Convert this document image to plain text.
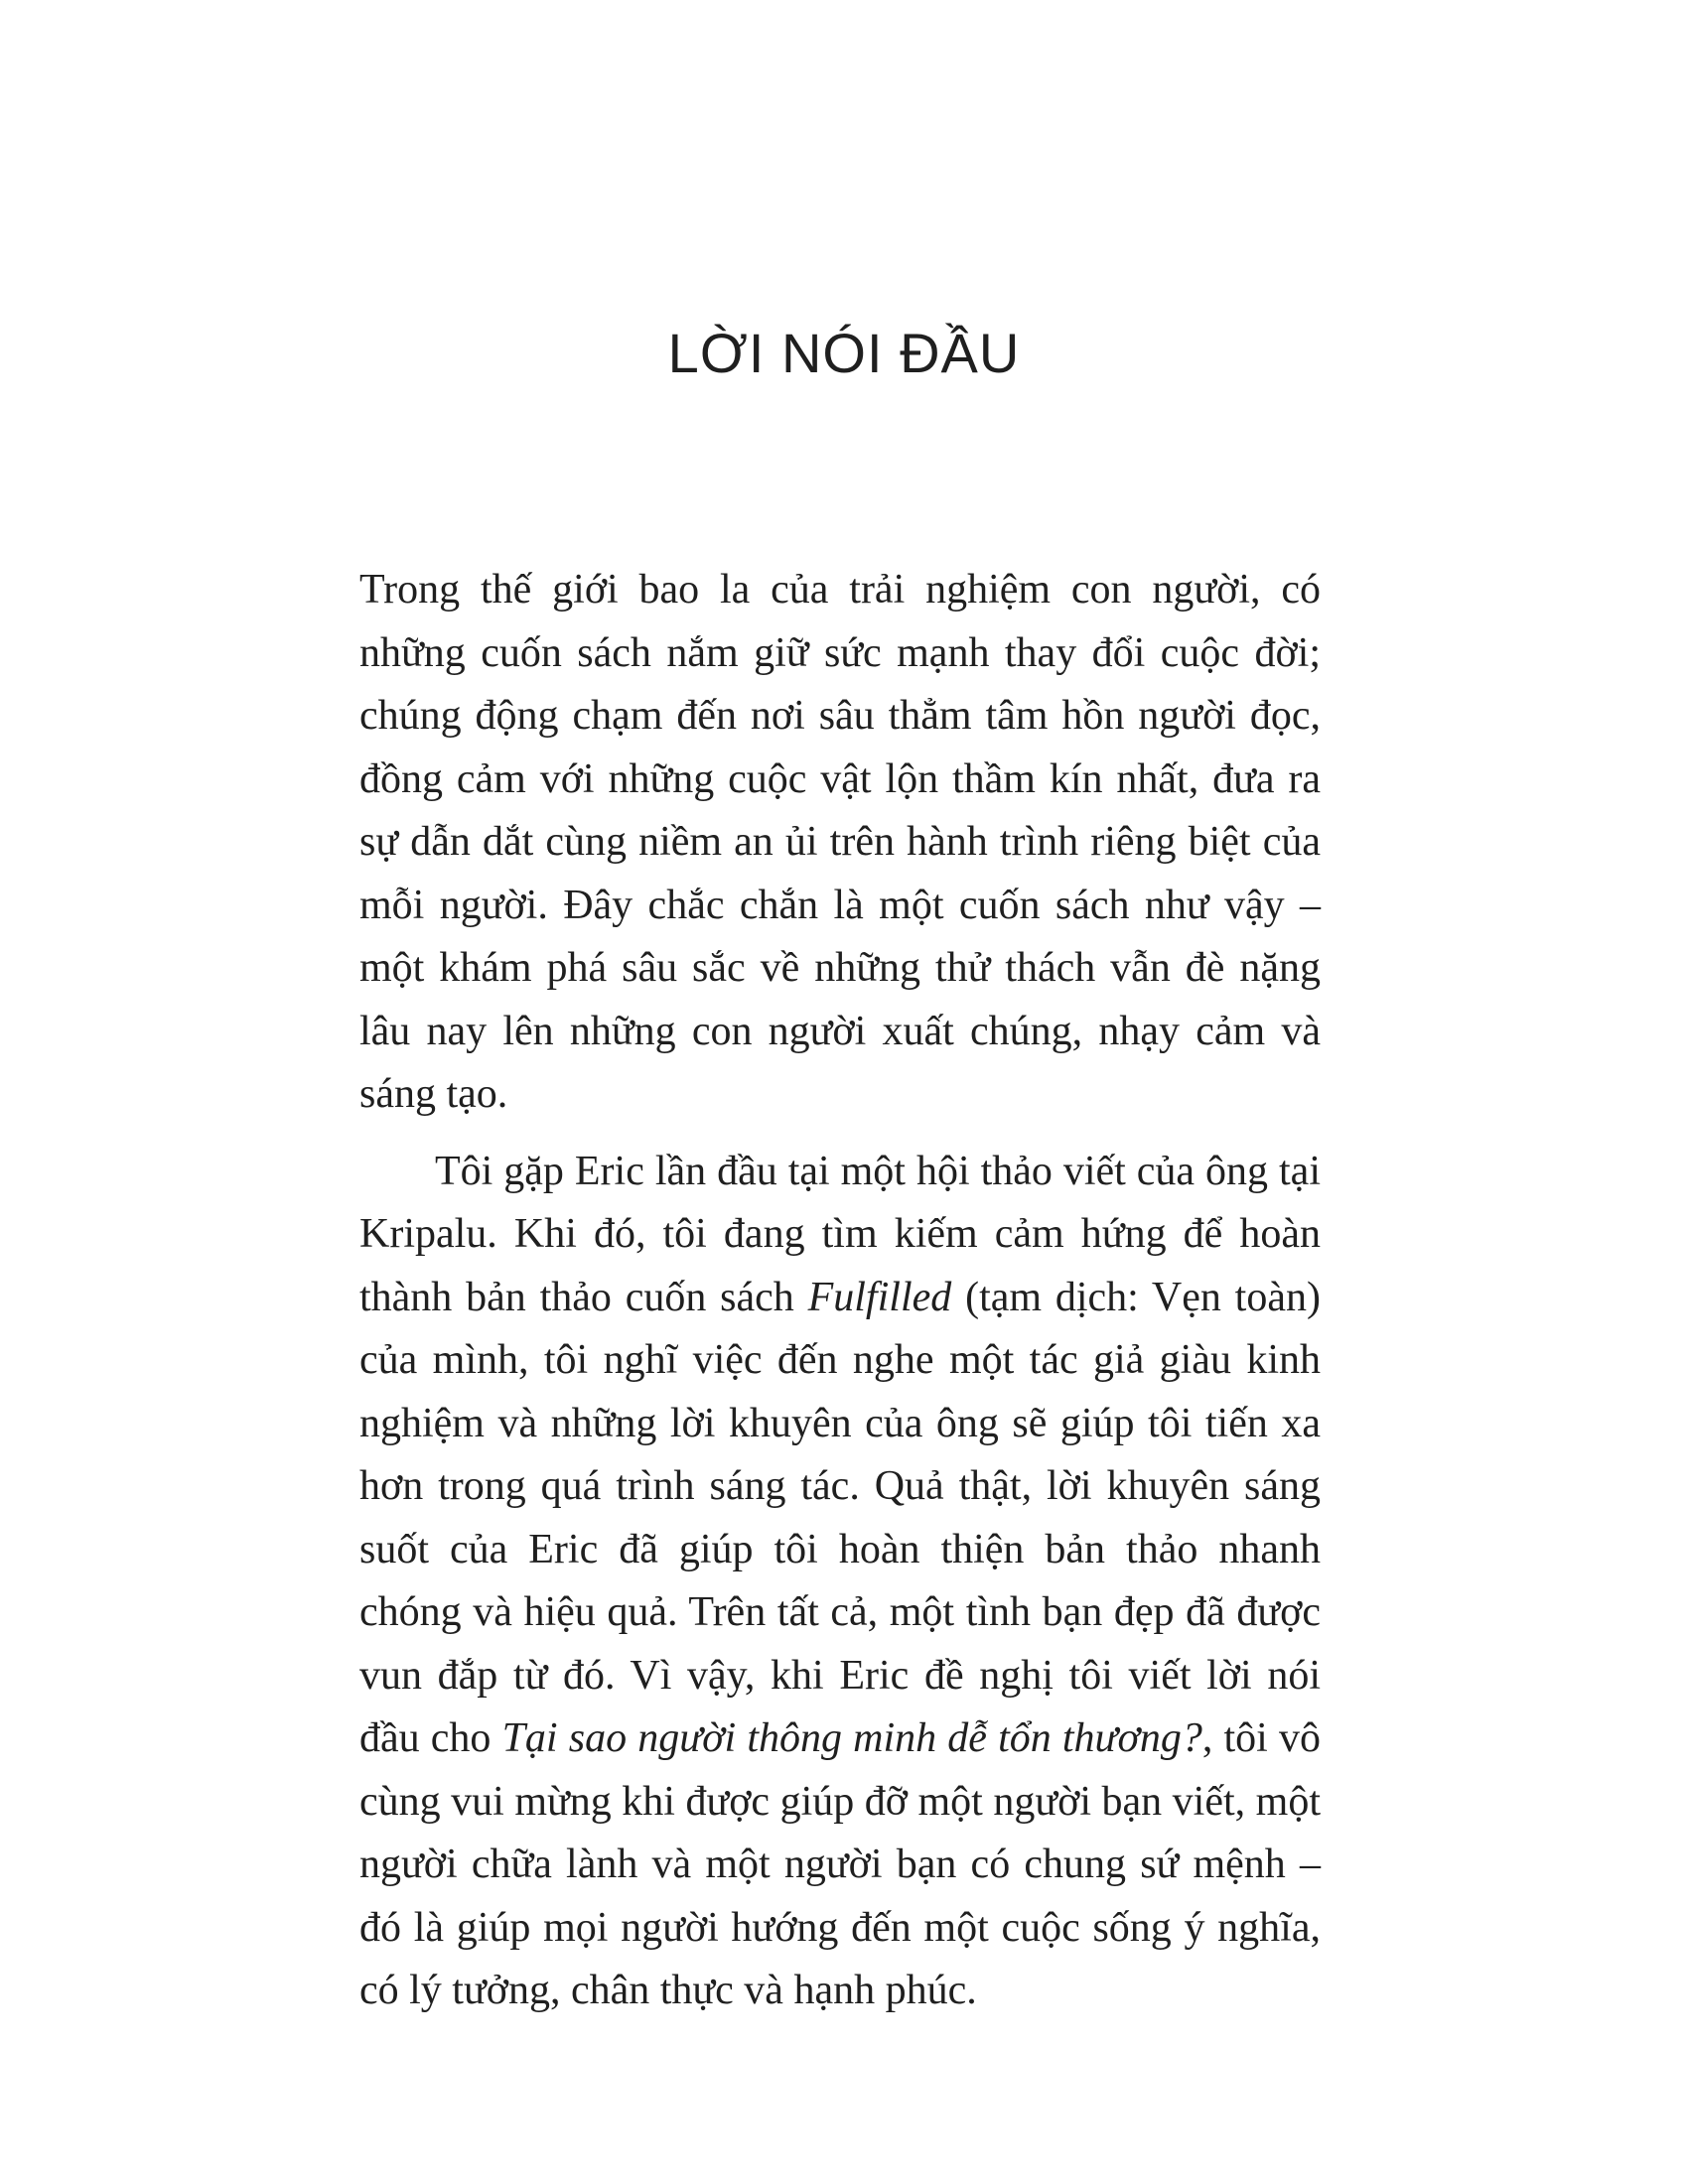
LỜI NÓI ĐẦU

Trong thế giới bao la của trải nghiệm con người, có những cuốn sách nắm giữ sức mạnh thay đổi cuộc đời; chúng động chạm đến nơi sâu thẳm tâm hồn người đọc, đồng cảm với những cuộc vật lộn thầm kín nhất, đưa ra sự dẫn dắt cùng niềm an ủi trên hành trình riêng biệt của mỗi người. Đây chắc chắn là một cuốn sách như vậy – một khám phá sâu sắc về những thử thách vẫn đè nặng lâu nay lên những con người xuất chúng, nhạy cảm và sáng tạo.

Tôi gặp Eric lần đầu tại một hội thảo viết của ông tại Kripalu. Khi đó, tôi đang tìm kiếm cảm hứng để hoàn thành bản thảo cuốn sách Fulfilled (tạm dịch: Vẹn toàn) của mình, tôi nghĩ việc đến nghe một tác giả giàu kinh nghiệm và những lời khuyên của ông sẽ giúp tôi tiến xa hơn trong quá trình sáng tác. Quả thật, lời khuyên sáng suốt của Eric đã giúp tôi hoàn thiện bản thảo nhanh chóng và hiệu quả. Trên tất cả, một tình bạn đẹp đã được vun đắp từ đó. Vì vậy, khi Eric đề nghị tôi viết lời nói đầu cho Tại sao người thông minh dễ tổn thương?, tôi vô cùng vui mừng khi được giúp đỡ một người bạn viết, một người chữa lành và một người bạn có chung sứ mệnh – đó là giúp mọi người hướng đến một cuộc sống ý nghĩa, có lý tưởng, chân thực và hạnh phúc.
